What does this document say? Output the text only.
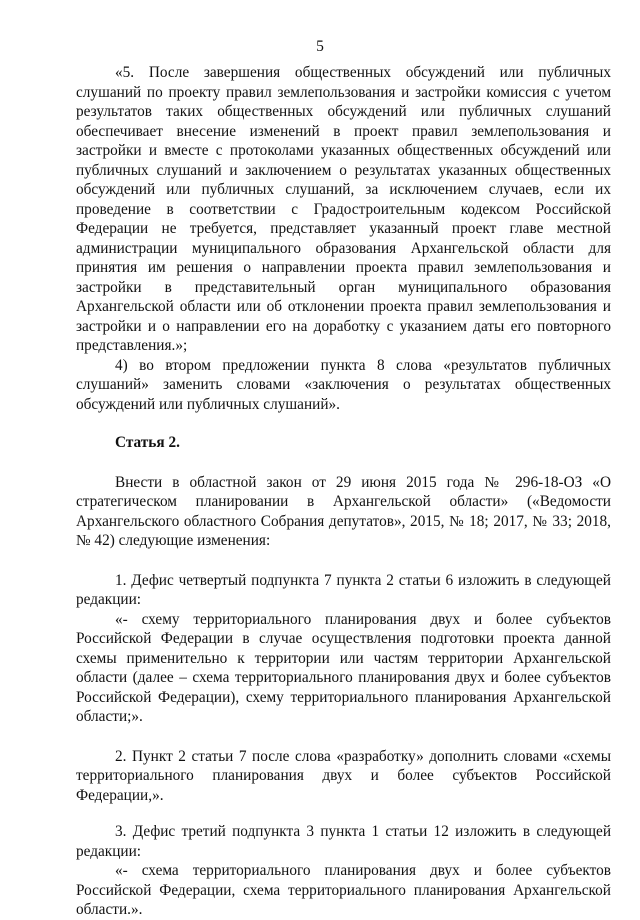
5

«5. После завершения общественных обсуждений или публичных слушаний по проекту правил землепользования и застройки комиссия с учетом результатов таких общественных обсуждений или публичных слушаний обеспечивает внесение изменений в проект правил землепользования и застройки и вместе с протоколами указанных общественных обсуждений или публичных слушаний и заключением о результатах указанных общественных обсуждений или публичных слушаний, за исключением случаев, если их проведение в соответствии с Градостроительным кодексом Российской Федерации не требуется, представляет указанный проект главе местной администрации муниципального образования Архангельской области для принятия им решения о направлении проекта правил землепользования и застройки в представительный орган муниципального образования Архангельской области или об отклонении проекта правил землепользования и застройки и о направлении его на доработку с указанием даты его повторного представления.»;

4) во втором предложении пункта 8 слова «результатов публичных слушаний» заменить словами «заключения о результатах общественных обсуждений или публичных слушаний».

Статья 2.

Внести в областной закон от 29 июня 2015 года № 296-18-ОЗ «О стратегическом планировании в Архангельской области» («Ведомости Архангельского областного Собрания депутатов», 2015, № 18; 2017, № 33; 2018, № 42) следующие изменения:

1. Дефис четвертый подпункта 7 пункта 2 статьи 6 изложить в следующей редакции:

«- схему территориального планирования двух и более субъектов Российской Федерации в случае осуществления подготовки проекта данной схемы применительно к территории или частям территории Архангельской области (далее – схема территориального планирования двух и более субъектов Российской Федерации), схему территориального планирования Архангельской области;».

2. Пункт 2 статьи 7 после слова «разработку» дополнить словами «схемы территориального планирования двух и более субъектов Российской Федерации,».

3. Дефис третий подпункта 3 пункта 1 статьи 12 изложить в следующей редакции:

«- схема территориального планирования двух и более субъектов Российской Федерации, схема территориального планирования Архангельской области.».
